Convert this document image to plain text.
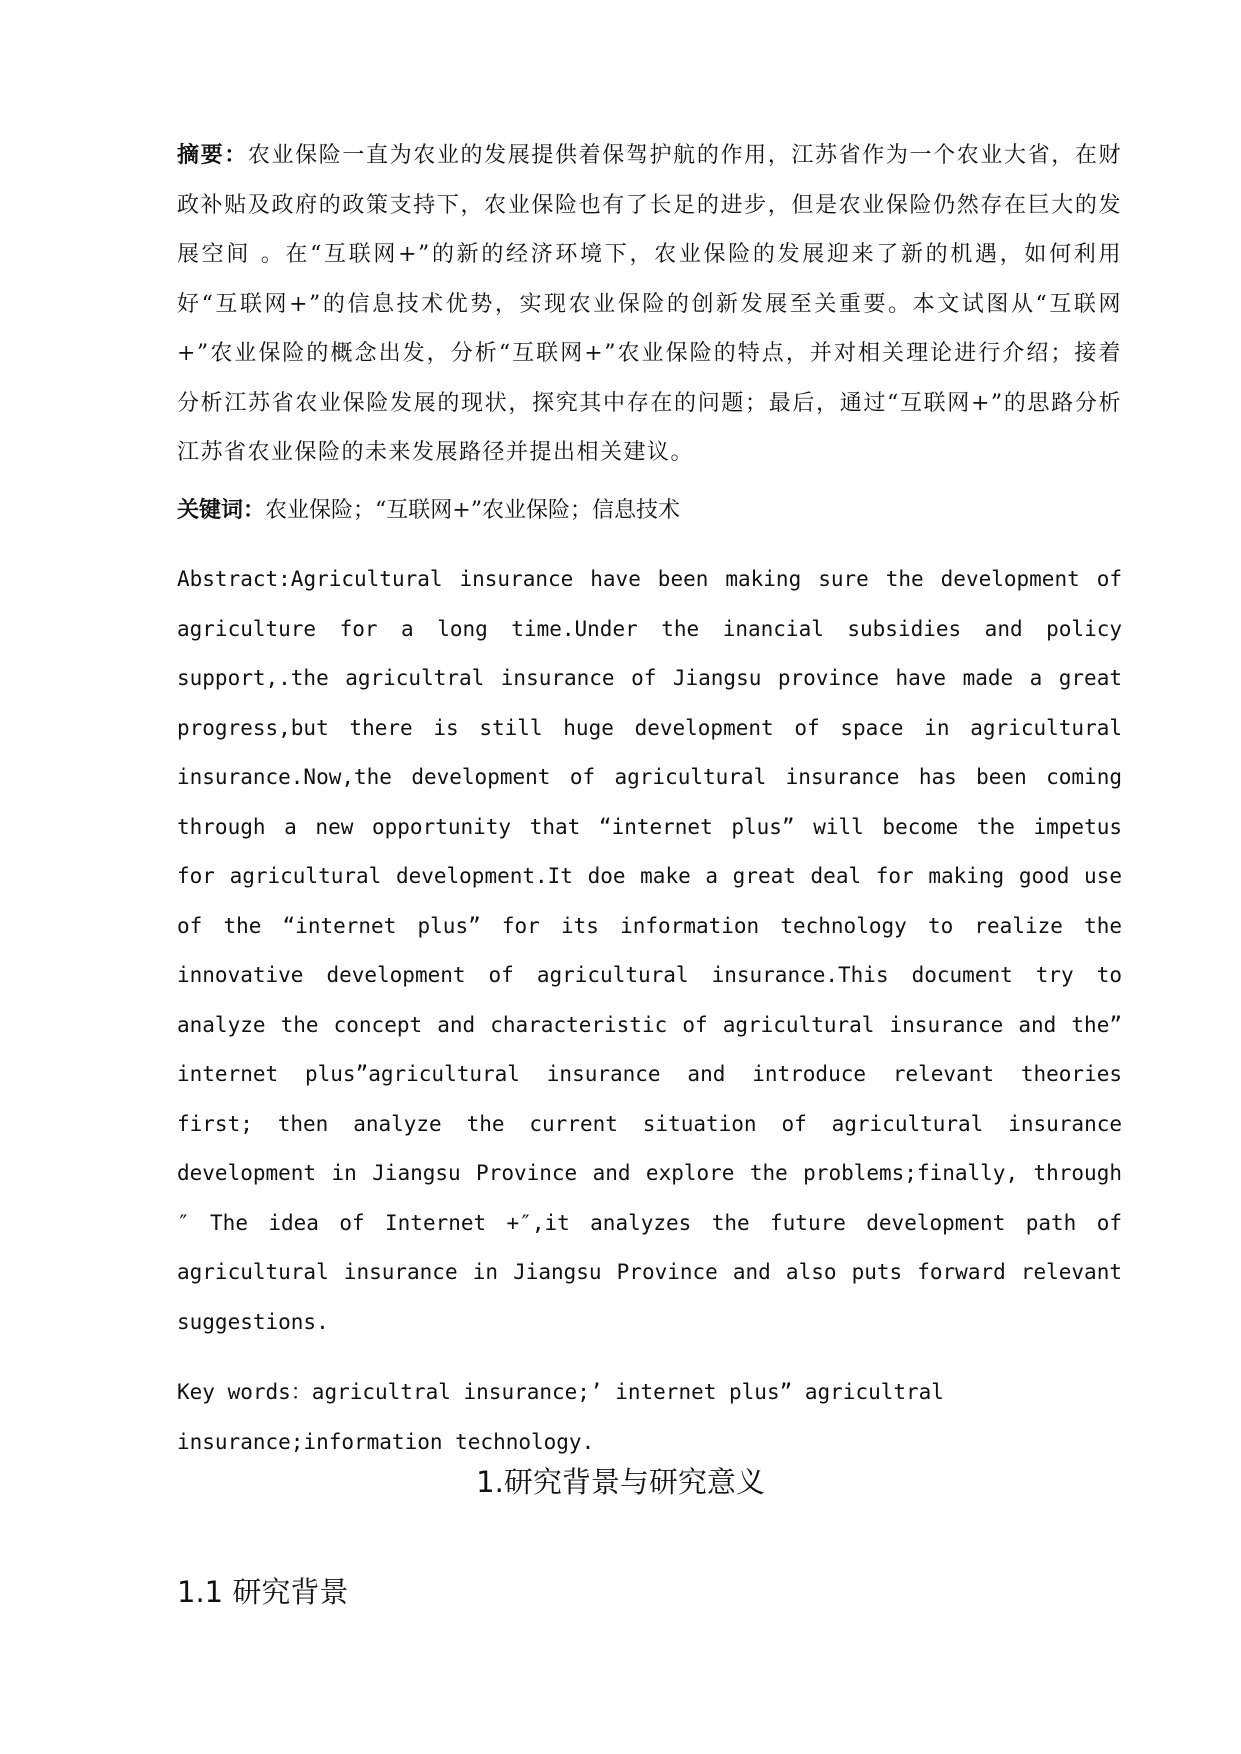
摘要：农业保险一直为农业的发展提供着保驾护航的作用，江苏省作为一个农业大省，在财政补贴及政府的政策支持下，农业保险也有了长足的进步，但是农业保险仍然存在巨大的发展空间 。在“互联网+”的新的经济环境下，农业保险的发展迎来了新的机遇，如何利用好“互联网+”的信息技术优势，实现农业保险的创新发展至关重要。本文试图从“互联网+”农业保险的概念出发，分析“互联网+”农业保险的特点，并对相关理论进行介绍；接着分析江苏省农业保险发展的现状，探究其中存在的问题；最后，通过“互联网+”的思路分析江苏省农业保险的未来发展路径并提出相关建议。

关键词：农业保险；“互联网+”农业保险；信息技术

Abstract:Agricultural insurance have been making sure the development of agriculture for a long time.Under the inancial subsidies and policy support,.the agricultral insurance of Jiangsu province have made a great progress,but there is still huge development of space in agricultural insurance.Now,the development of agricultural insurance has been coming through a new opportunity that “internet plus” will become the impetus for agricultural development.It doe make a great deal for making good use of the “internet plus” for its information technology to realize the innovative development of agricultural insurance.This document try to analyze the concept and characteristic of agricultural insurance and the” internet plus”agricultural insurance and introduce relevant theories first; then analyze the current situation of agricultural insurance development in Jiangsu Province and explore the problems;finally, through ″ The idea of Internet +″,it analyzes the future development path of agricultural insurance in Jiangsu Province and also puts forward relevant suggestions.

Key words：agricultral insurance;’ internet plus” agricultral insurance;information technology.

1.研究背景与研究意义
1.1 研究背景
